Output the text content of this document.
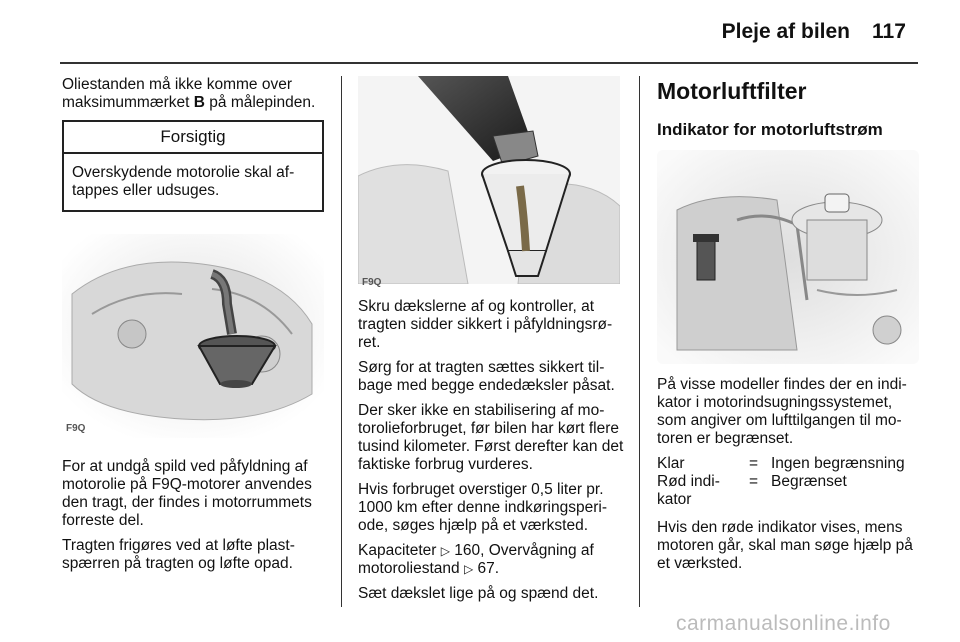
Pleje af bilen 117

Oliestanden må ikke komme over maksimummærket B på målepinden.

Forsigtig
Overskydende motorolie skal af-tappes eller udsuges.
F9Q

For at undgå spild ved påfyldning af motorolie på F9Q-motorer anvendes den tragt, der findes i motorrummets forreste del.

Tragten frigøres ved at løfte plast-spærren på tragten og løfte opad.

F9Q

Skru dækslerne af og kontroller, at tragten sidder sikkert i påfyldningsrø-ret.

Sørg for at tragten sættes sikkert til-bage med begge endedæksler påsat.

Der sker ikke en stabilisering af mo-torolieforbruget, før bilen har kørt flere tusind kilometer. Først derefter kan det faktiske forbrug vurderes.

Hvis forbruget overstiger 0,5 liter pr. 1000 km efter denne indkøringsperi-ode, søges hjælp på et værksted.

Kapaciteter ▷ 160, Overvågning af motoroliestand ▷ 67.

Sæt dækslet lige på og spænd det.

Motorluftfilter
Indikator for motorluftstrøm

På visse modeller findes der en indi-kator i motorindsugningssystemet, som angiver om lufttilgangen til mo-toren er begrænset.

Klar	=	Ingen begrænsning
Rød indi-kator	=	Begrænset

Hvis den røde indikator vises, mens motoren går, skal man søge hjælp på et værksted.

carmanualsonline.info
